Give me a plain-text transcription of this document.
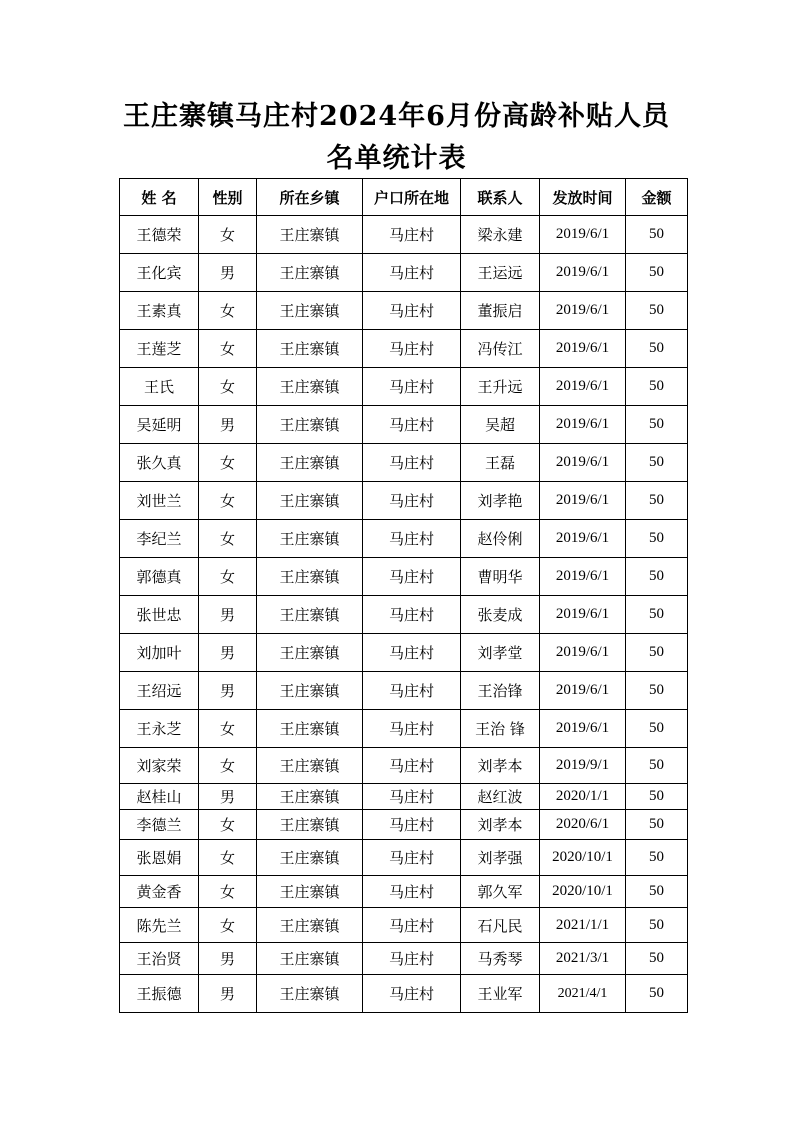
王庄寨镇马庄村2024年6月份高龄补贴人员
名单统计表
姓 名	性别	所在乡镇	户口所在地	联系人	发放时间	金额
王德荣	女	王庄寨镇	马庄村	梁永建	2019/6/1	50
王化宾	男	王庄寨镇	马庄村	王运远	2019/6/1	50
王素真	女	王庄寨镇	马庄村	董振启	2019/6/1	50
王莲芝	女	王庄寨镇	马庄村	冯传江	2019/6/1	50
王氏	女	王庄寨镇	马庄村	王升远	2019/6/1	50
吴延明	男	王庄寨镇	马庄村	吴超	2019/6/1	50
张久真	女	王庄寨镇	马庄村	王磊	2019/6/1	50
刘世兰	女	王庄寨镇	马庄村	刘孝艳	2019/6/1	50
李纪兰	女	王庄寨镇	马庄村	赵伶俐	2019/6/1	50
郭德真	女	王庄寨镇	马庄村	曹明华	2019/6/1	50
张世忠	男	王庄寨镇	马庄村	张麦成	2019/6/1	50
刘加叶	男	王庄寨镇	马庄村	刘孝堂	2019/6/1	50
王绍远	男	王庄寨镇	马庄村	王治锋	2019/6/1	50
王永芝	女	王庄寨镇	马庄村	王治 锋	2019/6/1	50
刘家荣	女	王庄寨镇	马庄村	刘孝本	2019/9/1	50
赵桂山	男	王庄寨镇	马庄村	赵红波	2020/1/1	50
李德兰	女	王庄寨镇	马庄村	刘孝本	2020/6/1	50
张恩娟	女	王庄寨镇	马庄村	刘孝强	2020/10/1	50
黄金香	女	王庄寨镇	马庄村	郭久军	2020/10/1	50
陈先兰	女	王庄寨镇	马庄村	石凡民	2021/1/1	50
王治贤	男	王庄寨镇	马庄村	马秀琴	2021/3/1	50
王振德	男	王庄寨镇	马庄村	王业军	2021/4/1	50
